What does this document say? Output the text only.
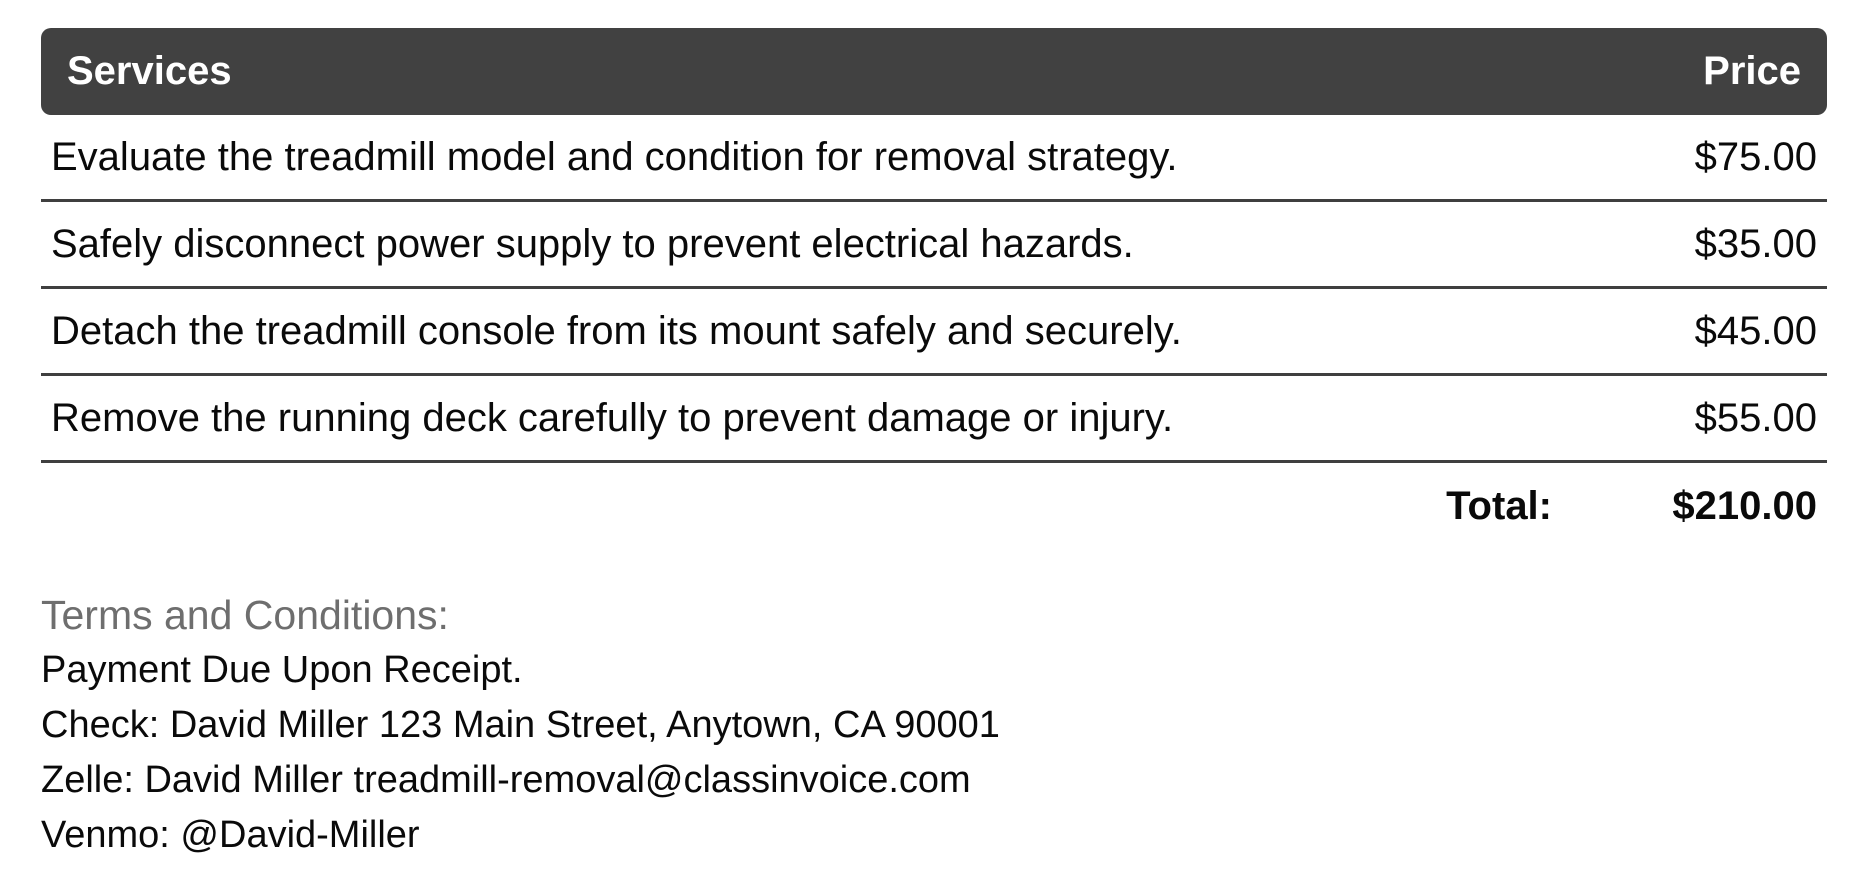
Services	Price
Evaluate the treadmill model and condition for removal strategy.	$75.00
Safely disconnect power supply to prevent electrical hazards.	$35.00
Detach the treadmill console from its mount safely and securely.	$45.00
Remove the running deck carefully to prevent damage or injury.	$55.00
Total:	$210.00
Terms and Conditions:
Payment Due Upon Receipt.
Check: David Miller 123 Main Street, Anytown, CA 90001
Zelle: David Miller treadmill-removal@classinvoice.com
Venmo: @David-Miller
